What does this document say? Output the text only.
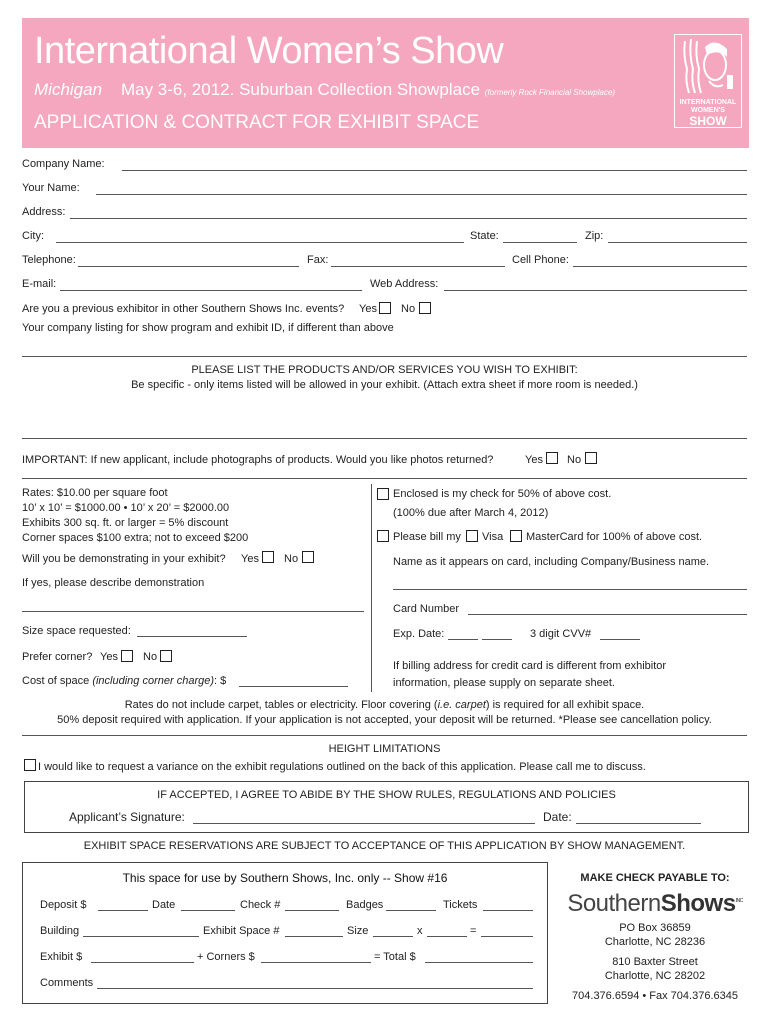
International Women’s Show
Michigan May 3-6, 2012. Suburban Collection Showplace (formerly Rock Financial Showplace)
APPLICATION & CONTRACT FOR EXHIBIT SPACE
INTERNATIONAL
WOMEN'S
SHOW
Company Name:
Your Name:
Address:
City:	State:	Zip:
Telephone:	Fax:	Cell Phone:
E-mail:	Web Address:
Are you a previous exhibitor in other Southern Shows Inc. events? Yes No
Your company listing for show program and exhibit ID, if different than above
PLEASE LIST THE PRODUCTS AND/OR SERVICES YOU WISH TO EXHIBIT:
Be specific - only items listed will be allowed in your exhibit. (Attach extra sheet if more room is needed.)
IMPORTANT: If new applicant, include photographs of products. Would you like photos returned?	Yes No
Rates: $10.00 per square foot
10’ x 10’ = $1000.00 • 10’ x 20’ = $2000.00
Exhibits 300 sq. ft. or larger = 5% discount
Corner spaces $100 extra; not to exceed $200
Will you be demonstrating in your exhibit? Yes No
If yes, please describe demonstration
Size space requested:
Prefer corner? Yes No
Cost of space (including corner charge): $
Enclosed is my check for 50% of above cost.
(100% due after March 4, 2012)
Please bill my Visa MasterCard for 100% of above cost.
Name as it appears on card, including Company/Business name.
Card Number
Exp. Date:	3 digit CVV#
If billing address for credit card is different from exhibitor
information, please supply on separate sheet.
Rates do not include carpet, tables or electricity. Floor covering (i.e. carpet) is required for all exhibit space.
50% deposit required with application. If your application is not accepted, your deposit will be returned. *Please see cancellation policy.
HEIGHT LIMITATIONS
I would like to request a variance on the exhibit regulations outlined on the back of this application. Please call me to discuss.
IF ACCEPTED, I AGREE TO ABIDE BY THE SHOW RULES, REGULATIONS AND POLICIES
Applicant’s Signature:	Date:
EXHIBIT SPACE RESERVATIONS ARE SUBJECT TO ACCEPTANCE OF THIS APPLICATION BY SHOW MANAGEMENT.
This space for use by Southern Shows, Inc. only -- Show #16
Deposit $	Date	Check #	Badges	Tickets
Building	Exhibit Space #	Size	x	=
Exhibit $	+ Corners $	= Total $
Comments
MAKE CHECK PAYABLE TO:
SouthernShows$^{INC}$
PO Box 36859
Charlotte, NC 28236
810 Baxter Street
Charlotte, NC 28202
704.376.6594 • Fax 704.376.6345
